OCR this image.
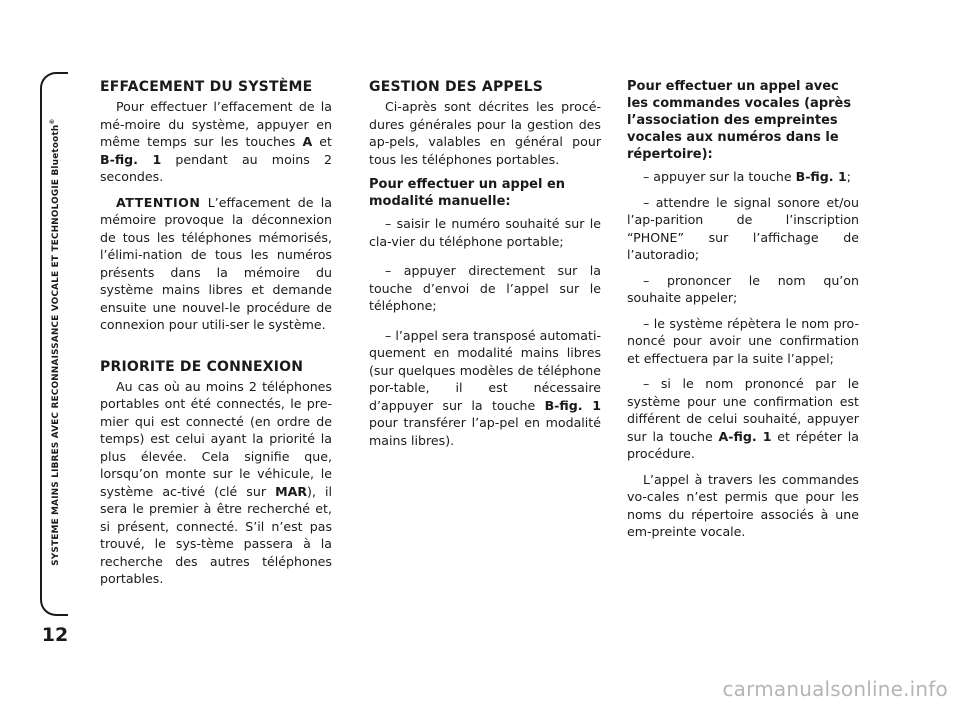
SYSTEME MAINS LIBRES AVEC RECONNAISSANCE VOCALE ET TECHNOLOGIE Bluetooth®
12
EFFACEMENT DU SYSTÈME

Pour effectuer l’effacement de la mé-moire du système, appuyer en même temps sur les touches A et B-fig. 1 pendant au moins 2 secondes.

ATTENTION L’effacement de la mémoire provoque la déconnexion de tous les téléphones mémorisés, l’élimi-nation de tous les numéros présents dans la mémoire du système mains libres et demande ensuite une nouvel-le procédure de connexion pour utili-ser le système.

PRIORITE DE CONNEXION

Au cas où au moins 2 téléphones portables ont été connectés, le pre-mier qui est connecté (en ordre de temps) est celui ayant la priorité la plus élevée. Cela signifie que, lorsqu’on monte sur le véhicule, le système ac-tivé (clé sur MAR), il sera le premier à être recherché et, si présent, connecté. S’il n’est pas trouvé, le sys-tème passera à la recherche des autres téléphones portables.

GESTION DES APPELS

Ci-après sont décrites les procé-dures générales pour la gestion des ap-pels, valables en général pour tous les téléphones portables.

Pour effectuer un appel en modalité manuelle:

– saisir le numéro souhaité sur le cla-vier du téléphone portable;

– appuyer directement sur la touche d’envoi de l’appel sur le téléphone;

– l’appel sera transposé automati-quement en modalité mains libres (sur quelques modèles de téléphone por-table, il est nécessaire d’appuyer sur la touche B-fig. 1 pour transférer l’ap-pel en modalité mains libres).

Pour effectuer un appel avec les commandes vocales (après l’association des empreintes vocales aux numéros dans le répertoire):

– appuyer sur la touche B-fig. 1;

– attendre le signal sonore et/ou l’ap-parition de l’inscription “PHONE” sur l’affichage de l’autoradio;

– prononcer le nom qu’on souhaite appeler;

– le système répètera le nom pro-noncé pour avoir une confirmation et effectuera par la suite l’appel;

– si le nom prononcé par le système pour une confirmation est différent de celui souhaité, appuyer sur la touche A-fig. 1 et répéter la procédure.

L’appel à travers les commandes vo-cales n’est permis que pour les noms du répertoire associés à une em-preinte vocale.

carmanualsonline.info
